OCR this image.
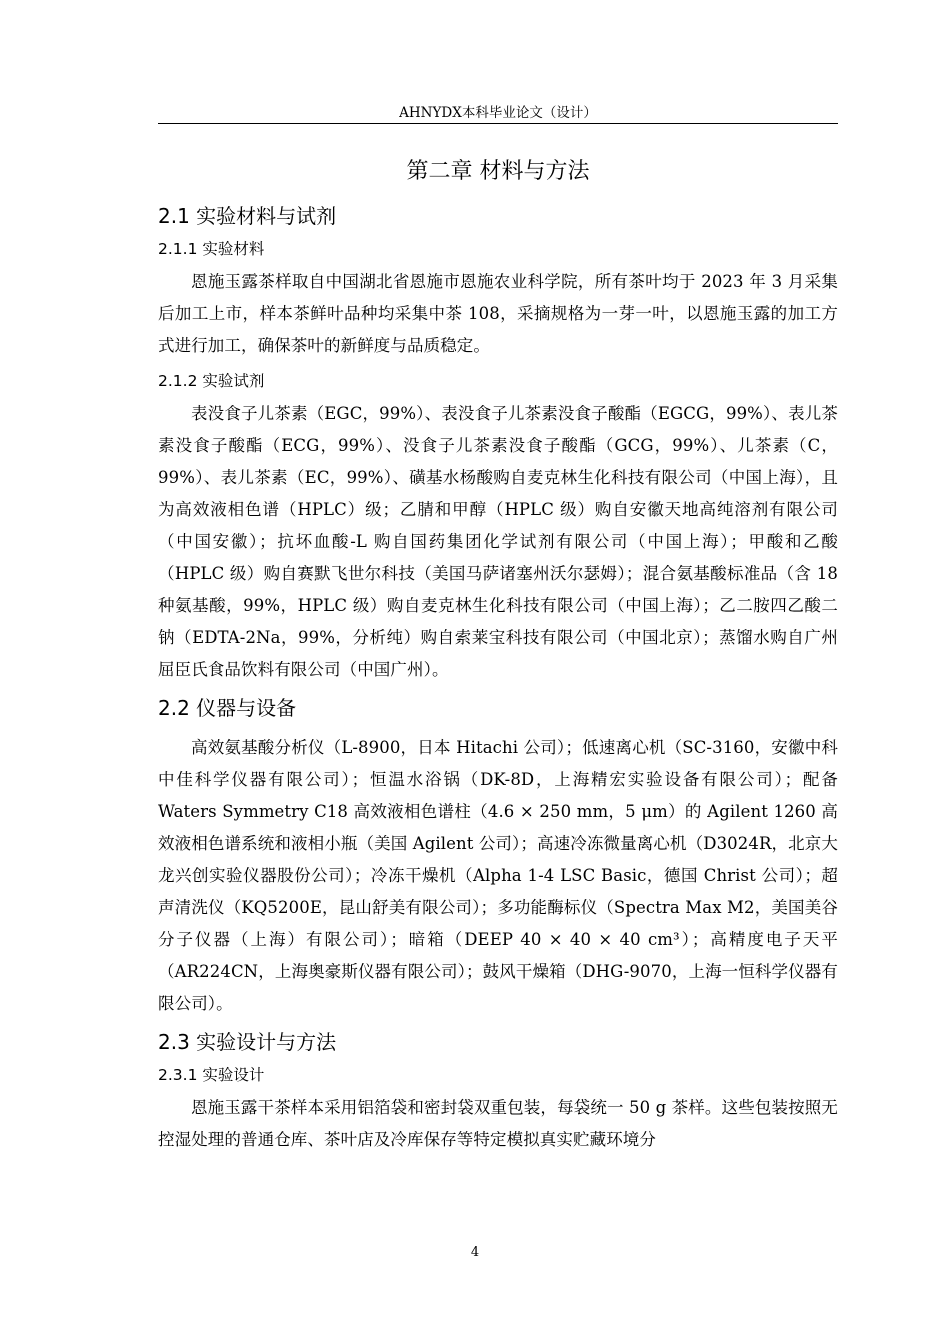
AHNYDX本科毕业论文（设计）
第二章 材料与方法
2.1 实验材料与试剂
2.1.1 实验材料

恩施玉露茶样取自中国湖北省恩施市恩施农业科学院，所有茶叶均于 2023 年 3 月采集后加工上市，样本茶鲜叶品种均采集中茶 108，采摘规格为一芽一叶，以恩施玉露的加工方式进行加工，确保茶叶的新鲜度与品质稳定。

2.1.2 实验试剂

表没食子儿茶素（EGC，99%）、表没食子儿茶素没食子酸酯（EGCG，99%）、表儿茶素没食子酸酯（ECG，99%）、没食子儿茶素没食子酸酯（GCG，99%）、儿茶素（C，99%）、表儿茶素（EC，99%）、磺基水杨酸购自麦克林生化科技有限公司（中国上海），且为高效液相色谱（HPLC）级；乙腈和甲醇（HPLC 级）购自安徽天地高纯溶剂有限公司（中国安徽）；抗坏血酸-L 购自国药集团化学试剂有限公司（中国上海）；甲酸和乙酸（HPLC 级）购自赛默飞世尔科技（美国马萨诸塞州沃尔瑟姆）；混合氨基酸标准品（含 18 种氨基酸，99%，HPLC 级）购自麦克林生化科技有限公司（中国上海）；乙二胺四乙酸二钠（EDTA-2Na，99%，分析纯）购自索莱宝科技有限公司（中国北京）；蒸馏水购自广州屈臣氏食品饮料有限公司（中国广州）。

2.2 仪器与设备

高效氨基酸分析仪（L-8900，日本 Hitachi 公司）；低速离心机（SC-3160，安徽中科中佳科学仪器有限公司）；恒温水浴锅（DK-8D，上海精宏实验设备有限公司）；配备 Waters Symmetry C18 高效液相色谱柱（4.6 × 250 mm，5 μm）的 Agilent 1260 高效液相色谱系统和液相小瓶（美国 Agilent 公司）；高速冷冻微量离心机（D3024R，北京大龙兴创实验仪器股份公司）；冷冻干燥机（Alpha 1-4 LSC Basic，德国 Christ 公司）；超声清洗仪（KQ5200E，昆山舒美有限公司）；多功能酶标仪（Spectra Max M2，美国美谷分子仪器（上海）有限公司）；暗箱（DEEP 40 × 40 × 40 cm³）；高精度电子天平（AR224CN，上海奥豪斯仪器有限公司）；鼓风干燥箱（DHG-9070，上海一恒科学仪器有限公司）。

2.3 实验设计与方法
2.3.1 实验设计

恩施玉露干茶样本采用铝箔袋和密封袋双重包装，每袋统一 50 g 茶样。这些包装按照无控湿处理的普通仓库、茶叶店及冷库保存等特定模拟真实贮藏环境分

4
